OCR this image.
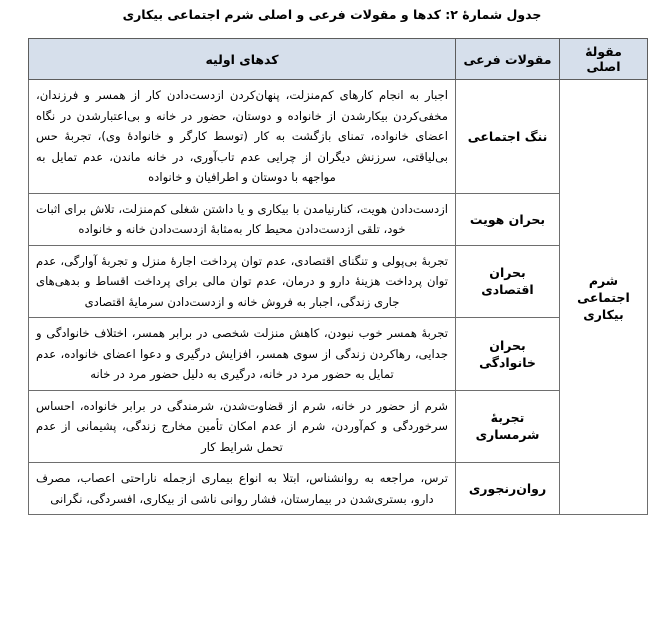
جدول شمارهٔ ۲: کدها و مقولات فرعی و اصلی شرم اجتماعی بیکاری
مقولهٔ اصلی	مقولات فرعی	کدهای اولیه
شرم اجتماعی بیکاری	ننگ اجتماعی	اجبار به انجام کارهای کم‌منزلت، پنهان‌کردن ازدست‌دادن کار از همسر و فرزندان، مخفی‌کردن بیکارشدن از خانواده و دوستان، حضور در خانه و بی‌اعتبارشدن در نگاه اعضای خانواده، تمنای بازگشت به کار (توسط کارگر و خانوادهٔ وی)، تجربهٔ حس بی‌لیاقتی، سرزنش دیگران از چرایی عدم تاب‌آوری، در خانه ماندن، عدم تمایل به مواجهه با دوستان و اطرافیان و خانواده
	بحران هویت	ازدست‌دادن هویت، کنارنیامدن با بیکاری و یا داشتن شغلی کم‌منزلت، تلاش برای اثبات خود، تلقی ازدست‌دادن محیط کار به‌مثابهٔ ازدست‌دادن خانه و خانواده
	بحران اقتصادی	تجربهٔ بی‌پولی و تنگنای اقتصادی، عدم توان پرداخت اجارهٔ منزل و تجربهٔ آوارگی، عدم توان پرداخت هزینهٔ دارو و درمان، عدم توان مالی برای پرداخت اقساط و بدهی‌های جاری زندگی، اجبار به فروش خانه و ازدست‌دادن سرمایهٔ اقتصادی
	بحران خانوادگی	تجربهٔ همسر خوب نبودن، کاهش منزلت شخصی در برابر همسر، اختلاف خانوادگی و جدایی، رهاکردن زندگی از سوی همسر، افزایش درگیری و دعوا اعضای خانواده، عدم تمایل به حضور مرد در خانه، درگیری به دلیل حضور مرد در خانه
	تجربهٔ شرمساری	شرم از حضور در خانه، شرم از قضاوت‌شدن، شرمندگی در برابر خانواده، احساس سرخوردگی و کم‌آوردن، شرم از عدم امکان تأمین مخارج زندگی، پشیمانی از عدم تحمل شرایط کار
	روان‌رنجوری	ترس، مراجعه به روانشناس، ابتلا به انواع بیماری ازجمله ناراحتی اعصاب، مصرف دارو، بستری‌شدن در بیمارستان، فشار روانی ناشی از بیکاری، افسردگی، نگرانی
